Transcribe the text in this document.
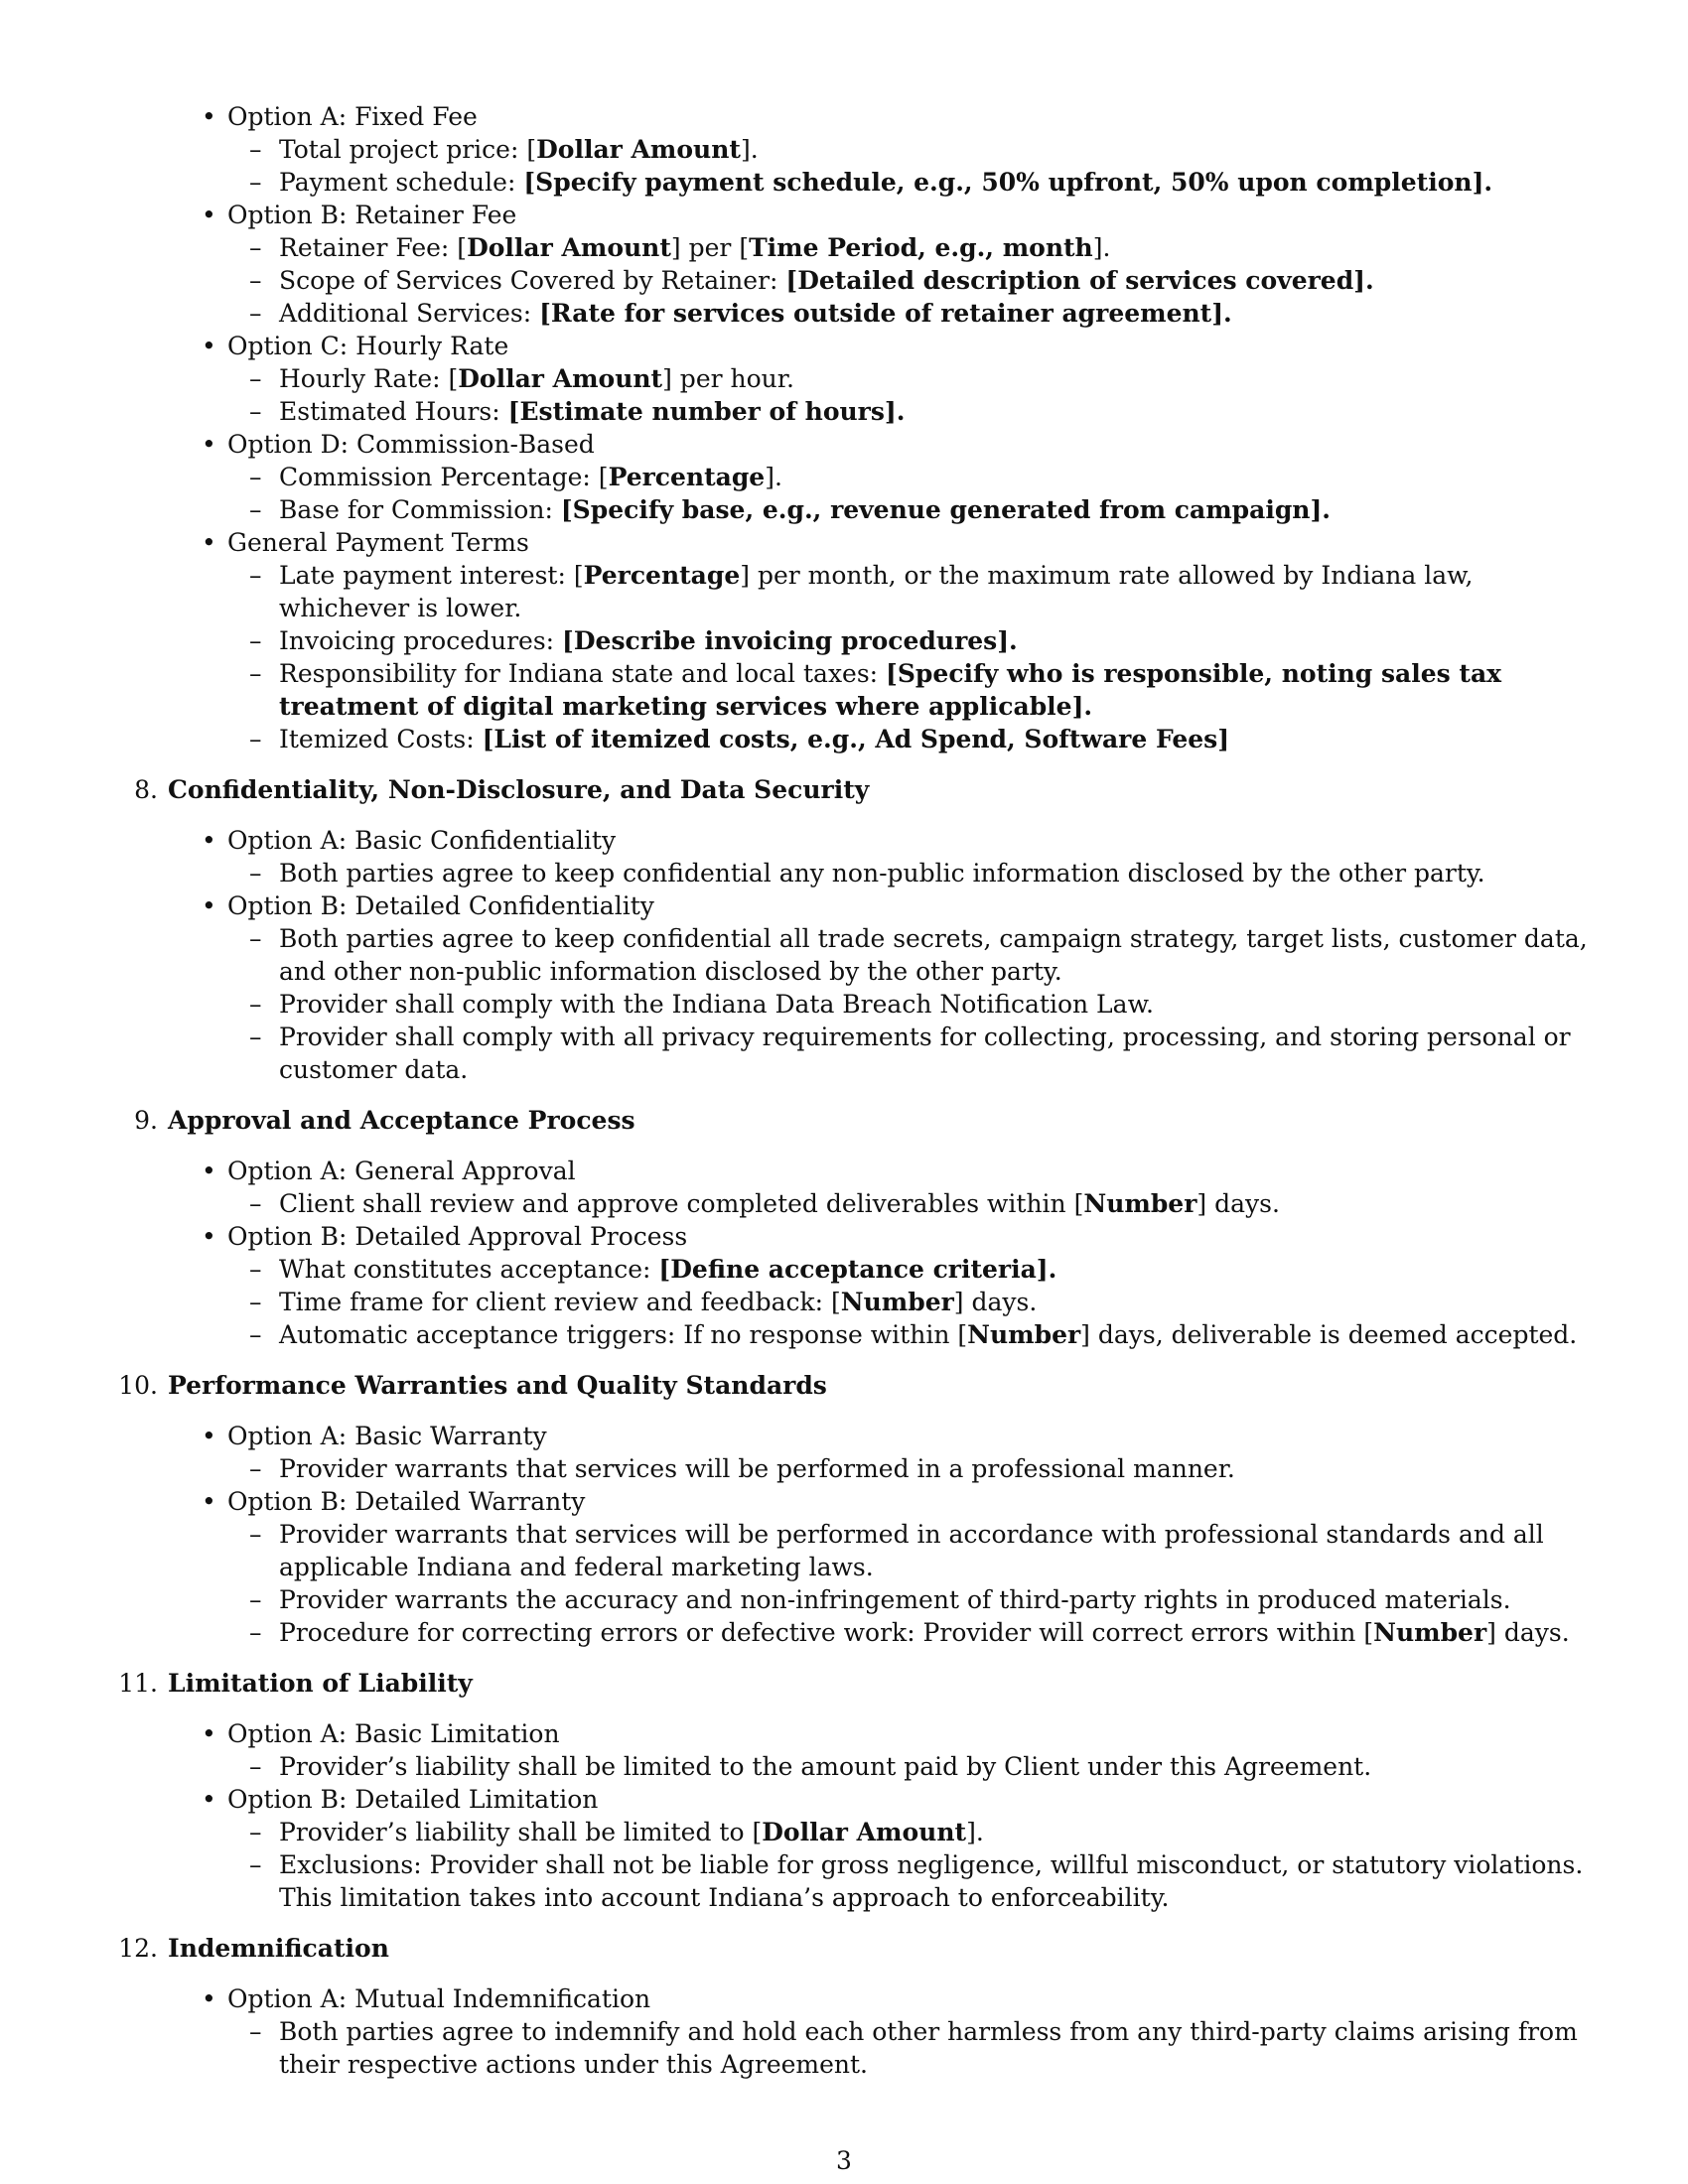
• Option A: Fixed Fee
– Total project price: [Dollar Amount].
– Payment schedule: [Specify payment schedule, e.g., 50% upfront, 50% upon completion].
• Option B: Retainer Fee
– Retainer Fee: [Dollar Amount] per [Time Period, e.g., month].
– Scope of Services Covered by Retainer: [Detailed description of services covered].
– Additional Services: [Rate for services outside of retainer agreement].
• Option C: Hourly Rate
– Hourly Rate: [Dollar Amount] per hour.
– Estimated Hours: [Estimate number of hours].
• Option D: Commission-Based
– Commission Percentage: [Percentage].
– Base for Commission: [Specify base, e.g., revenue generated from campaign].
• General Payment Terms
– Late payment interest: [Percentage] per month, or the maximum rate allowed by Indiana law, whichever is lower.
– Invoicing procedures: [Describe invoicing procedures].
– Responsibility for Indiana state and local taxes: [Specify who is responsible, noting sales tax treatment of digital marketing services where applicable].
– Itemized Costs: [List of itemized costs, e.g., Ad Spend, Software Fees]
8. Confidentiality, Non-Disclosure, and Data Security
• Option A: Basic Confidentiality
– Both parties agree to keep confidential any non-public information disclosed by the other party.
• Option B: Detailed Confidentiality
– Both parties agree to keep confidential all trade secrets, campaign strategy, target lists, customer data, and other non-public information disclosed by the other party.
– Provider shall comply with the Indiana Data Breach Notification Law.
– Provider shall comply with all privacy requirements for collecting, processing, and storing personal or customer data.
9. Approval and Acceptance Process
• Option A: General Approval
– Client shall review and approve completed deliverables within [Number] days.
• Option B: Detailed Approval Process
– What constitutes acceptance: [Define acceptance criteria].
– Time frame for client review and feedback: [Number] days.
– Automatic acceptance triggers: If no response within [Number] days, deliverable is deemed accepted.
10. Performance Warranties and Quality Standards
• Option A: Basic Warranty
– Provider warrants that services will be performed in a professional manner.
• Option B: Detailed Warranty
– Provider warrants that services will be performed in accordance with professional standards and all applicable Indiana and federal marketing laws.
– Provider warrants the accuracy and non-infringement of third-party rights in produced materials.
– Procedure for correcting errors or defective work: Provider will correct errors within [Number] days.
11. Limitation of Liability
• Option A: Basic Limitation
– Provider’s liability shall be limited to the amount paid by Client under this Agreement.
• Option B: Detailed Limitation
– Provider’s liability shall be limited to [Dollar Amount].
– Exclusions: Provider shall not be liable for gross negligence, willful misconduct, or statutory violations. This limitation takes into account Indiana’s approach to enforceability.
12. Indemnification
• Option A: Mutual Indemnification
– Both parties agree to indemnify and hold each other harmless from any third-party claims arising from their respective actions under this Agreement.
3
